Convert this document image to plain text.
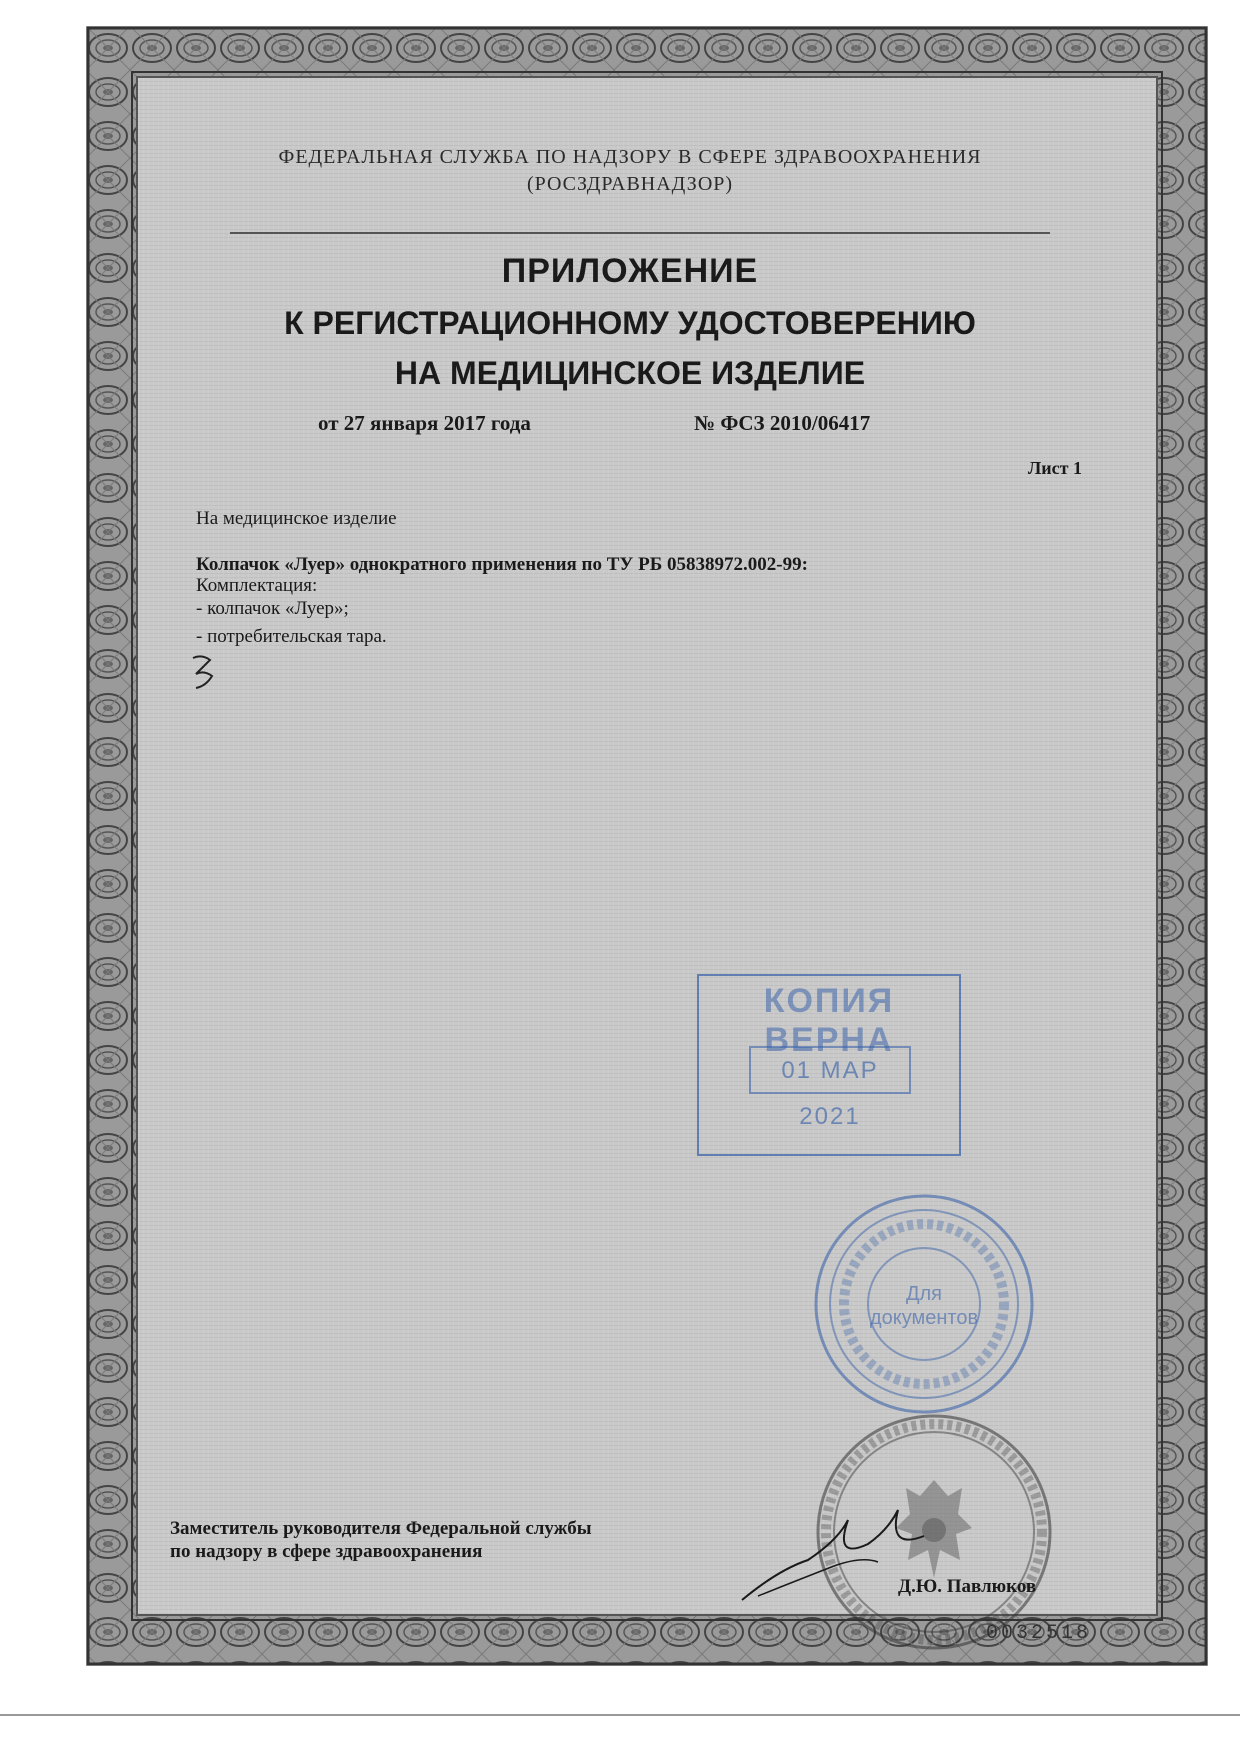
ФЕДЕРАЛЬНАЯ СЛУЖБА ПО НАДЗОРУ В СФЕРЕ ЗДРАВООХРАНЕНИЯ
(РОСЗДРАВНАДЗОР)
ПРИЛОЖЕНИЕ
К РЕГИСТРАЦИОННОМУ УДОСТОВЕРЕНИЮ
НА МЕДИЦИНСКОЕ ИЗДЕЛИЕ
от 27 января 2017 года	№ ФСЗ 2010/06417
Лист 1
На медицинское изделие
Колпачок «Луер» однократного применения по ТУ РБ 05838972.002-99:
Комплектация:
- колпачок «Луер»;
- потребительская тара.
КОПИЯ ВЕРНА
01 МАР 2021
Для
документов
Заместитель руководителя Федеральной службы
по надзору в сфере здравоохранения
Д.Ю. Павлюков
0032518
